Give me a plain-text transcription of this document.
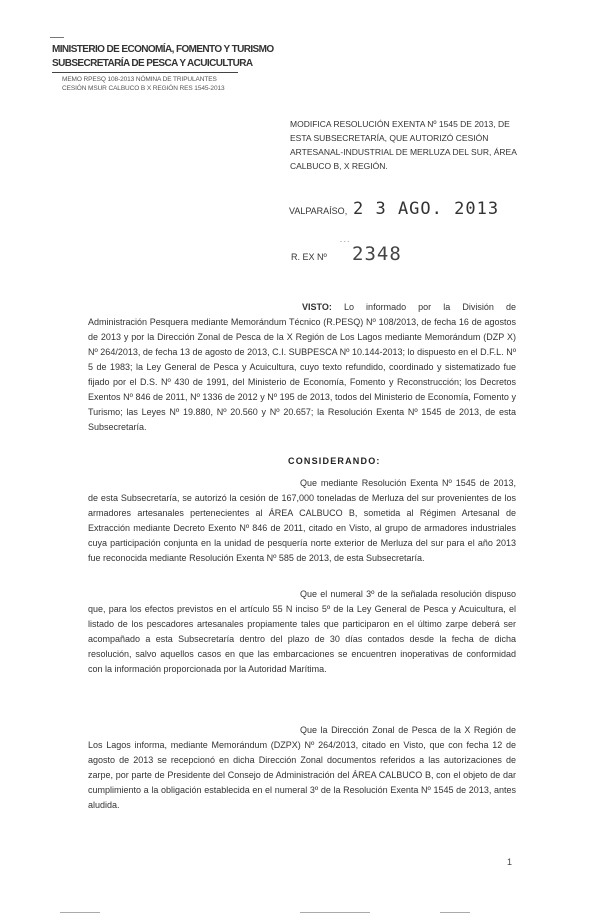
MINISTERIO DE ECONOMÍA, FOMENTO Y TURISMO
SUBSECRETARÍA DE PESCA Y ACUICULTURA
MEMO RPESQ 108-2013 NÓMINA DE TRIPULANTES
CESIÓN MSUR CALBUCO B X REGIÓN RES 1545-2013
MODIFICA RESOLUCIÓN EXENTA Nº 1545 DE 2013, DE ESTA SUBSECRETARÍA, QUE AUTORIZÓ CESIÓN ARTESANAL-INDUSTRIAL DE MERLUZA DEL SUR, ÁREA CALBUCO B, X REGIÓN.
VALPARAÍSO, 2 3 AGO. 2013
- - -
R. EX Nº 2348
VISTO: Lo informado por la División de Administración Pesquera mediante Memorándum Técnico (R.PESQ) Nº 108/2013, de fecha 16 de agostos de 2013 y por la Dirección Zonal de Pesca de la X Región de Los Lagos mediante Memorándum (DZP X) Nº 264/2013, de fecha 13 de agosto de 2013, C.I. SUBPESCA Nº 10.144-2013; lo dispuesto en el D.F.L. Nº 5 de 1983; la Ley General de Pesca y Acuicultura, cuyo texto refundido, coordinado y sistematizado fue fijado por el D.S. Nº 430 de 1991, del Ministerio de Economía, Fomento y Reconstrucción; los Decretos Exentos Nº 846 de 2011, Nº 1336 de 2012 y Nº 195 de 2013, todos del Ministerio de Economía, Fomento y Turismo; las Leyes Nº 19.880, Nº 20.560 y Nº 20.657; la Resolución Exenta Nº 1545 de 2013, de esta Subsecretaría.
CONSIDERANDO:
Que mediante Resolución Exenta Nº 1545 de 2013, de esta Subsecretaría, se autorizó la cesión de 167,000 toneladas de Merluza del sur provenientes de los armadores artesanales pertenecientes al ÁREA CALBUCO B, sometida al Régimen Artesanal de Extracción mediante Decreto Exento Nº 846 de 2011, citado en Visto, al grupo de armadores industriales cuya participación conjunta en la unidad de pesquería norte exterior de Merluza del sur para el año 2013 fue reconocida mediante Resolución Exenta Nº 585 de 2013, de esta Subsecretaría.
Que el numeral 3º de la señalada resolución dispuso que, para los efectos previstos en el artículo 55 N inciso 5º de la Ley General de Pesca y Acuicultura, el listado de los pescadores artesanales propiamente tales que participaron en el último zarpe deberá ser acompañado a esta Subsecretaría dentro del plazo de 30 días contados desde la fecha de dicha resolución, salvo aquellos casos en que las embarcaciones se encuentren inoperativas de conformidad con la información proporcionada por la Autoridad Marítima.
Que la Dirección Zonal de Pesca de la X Región de Los Lagos informa, mediante Memorándum (DZPX) Nº 264/2013, citado en Visto, que con fecha 12 de agosto de 2013 se recepcionó en dicha Dirección Zonal documentos referidos a las autorizaciones de zarpe, por parte de Presidente del Consejo de Administración del ÁREA CALBUCO B, con el objeto de dar cumplimiento a la obligación establecida en el numeral 3º de la Resolución Exenta Nº 1545 de 2013, antes aludida.
1
